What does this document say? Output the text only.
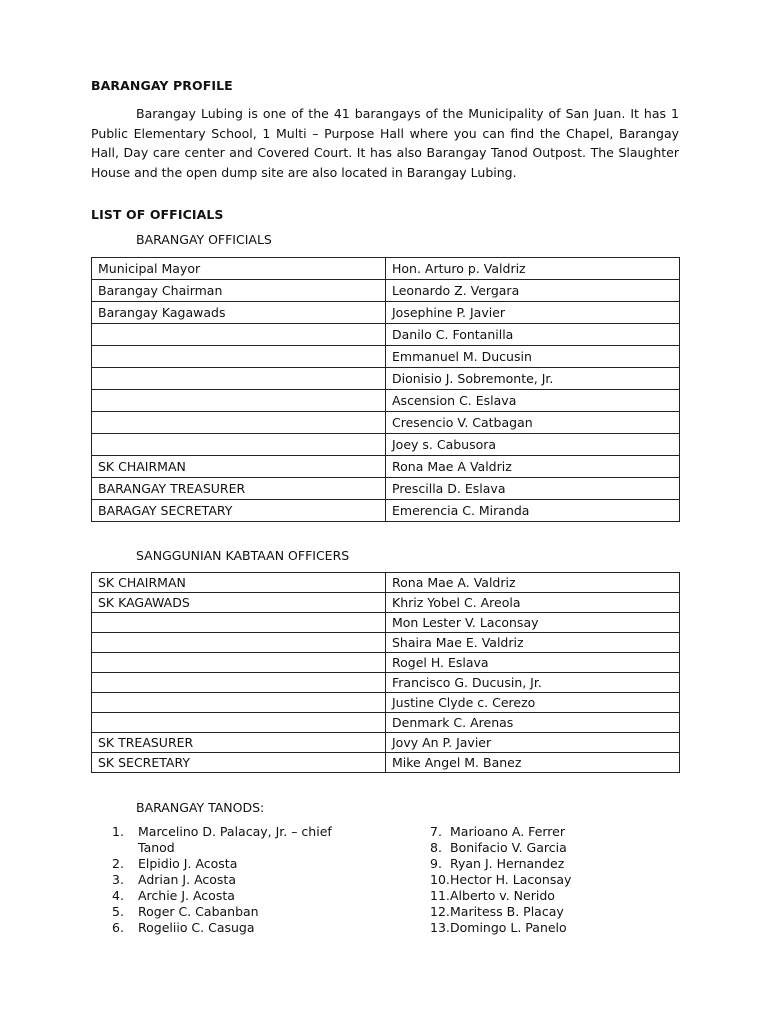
BARANGAY PROFILE

Barangay Lubing is one of the 41 barangays of the Municipality of San Juan. It has 1 Public Elementary School, 1 Multi – Purpose Hall where you can find the Chapel, Barangay Hall, Day care center and Covered Court. It has also Barangay Tanod Outpost. The Slaughter House and the open dump site are also located in Barangay Lubing.

LIST OF OFFICIALS
BARANGAY OFFICIALS
Municipal Mayor	Hon. Arturo p. Valdriz
Barangay Chairman	Leonardo Z. Vergara
Barangay Kagawads	Josephine P. Javier
	Danilo C. Fontanilla
	Emmanuel M. Ducusin
	Dionisio J. Sobremonte, Jr.
	Ascension C. Eslava
	Cresencio V. Catbagan
	Joey s. Cabusora
SK CHAIRMAN	Rona Mae A Valdriz
BARANGAY TREASURER	Prescilla D. Eslava
BARAGAY SECRETARY	Emerencia C. Miranda
SANGGUNIAN KABTAAN OFFICERS
SK CHAIRMAN	Rona Mae A. Valdriz
SK KAGAWADS	Khriz Yobel C. Areola
	Mon Lester V. Laconsay
	Shaira Mae E. Valdriz
	Rogel H. Eslava
	Francisco G. Ducusin, Jr.
	Justine Clyde c. Cerezo
	Denmark C. Arenas
SK TREASURER	Jovy An P. Javier
SK SECRETARY	Mike Angel M. Banez
BARANGAY TANODS:
1. Marcelino D. Palacay, Jr. – chief Tanod
2. Elpidio J. Acosta
3. Adrian J. Acosta
4. Archie J. Acosta
5. Roger C. Cabanban
6. Rogeliio C. Casuga
7. Marioano A. Ferrer
8. Bonifacio V. Garcia
9. Ryan J. Hernandez
10. Hector H. Laconsay
11. Alberto v. Nerido
12. Maritess B. Placay
13. Domingo L. Panelo
